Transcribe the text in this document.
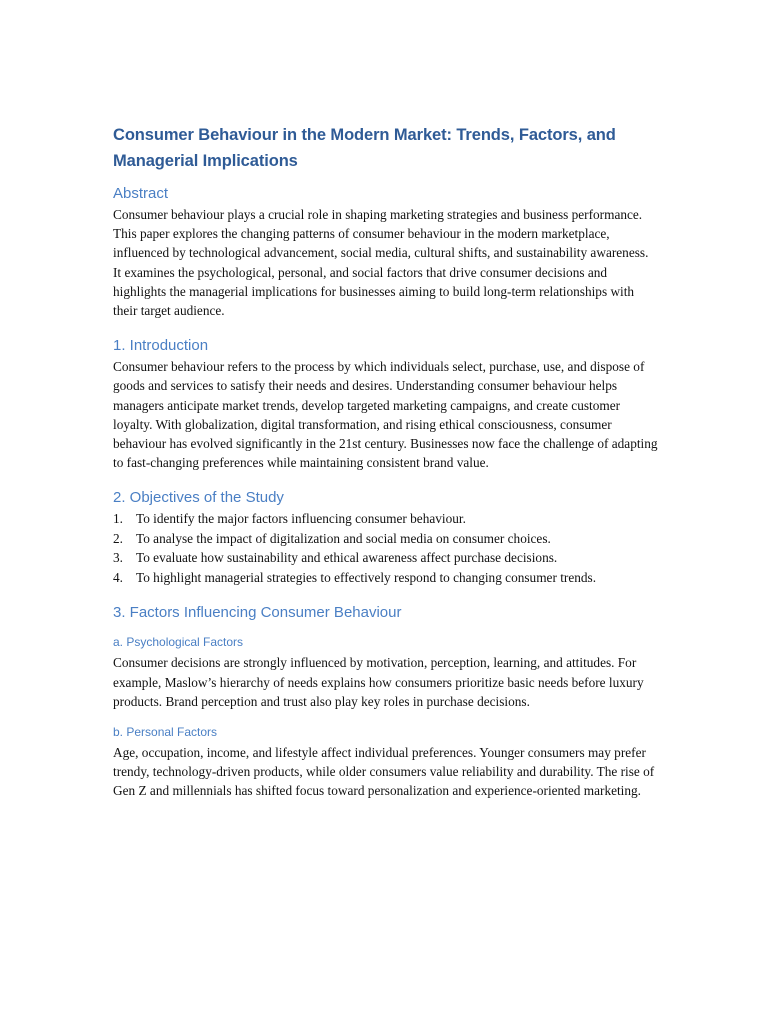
Consumer Behaviour in the Modern Market: Trends, Factors, and Managerial Implications
Abstract

Consumer behaviour plays a crucial role in shaping marketing strategies and business performance. This paper explores the changing patterns of consumer behaviour in the modern marketplace, influenced by technological advancement, social media, cultural shifts, and sustainability awareness. It examines the psychological, personal, and social factors that drive consumer decisions and highlights the managerial implications for businesses aiming to build long-term relationships with their target audience.

1. Introduction

Consumer behaviour refers to the process by which individuals select, purchase, use, and dispose of goods and services to satisfy their needs and desires. Understanding consumer behaviour helps managers anticipate market trends, develop targeted marketing campaigns, and create customer loyalty. With globalization, digital transformation, and rising ethical consciousness, consumer behaviour has evolved significantly in the 21st century. Businesses now face the challenge of adapting to fast-changing preferences while maintaining consistent brand value.

2. Objectives of the Study
1. To identify the major factors influencing consumer behaviour.
2. To analyse the impact of digitalization and social media on consumer choices.
3. To evaluate how sustainability and ethical awareness affect purchase decisions.
4. To highlight managerial strategies to effectively respond to changing consumer trends.
3. Factors Influencing Consumer Behaviour
a. Psychological Factors

Consumer decisions are strongly influenced by motivation, perception, learning, and attitudes. For example, Maslow’s hierarchy of needs explains how consumers prioritize basic needs before luxury products. Brand perception and trust also play key roles in purchase decisions.

b. Personal Factors

Age, occupation, income, and lifestyle affect individual preferences. Younger consumers may prefer trendy, technology-driven products, while older consumers value reliability and durability. The rise of Gen Z and millennials has shifted focus toward personalization and experience-oriented marketing.
